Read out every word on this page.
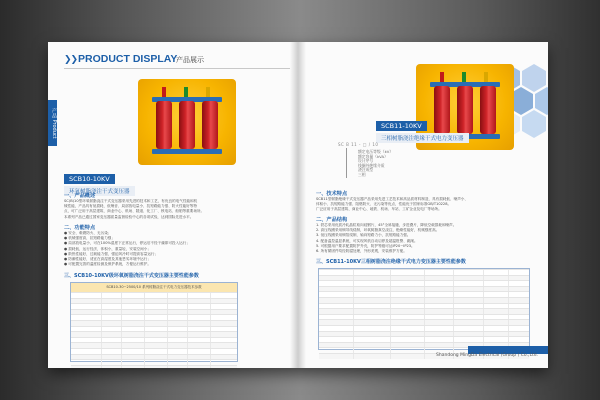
❯❯ PRODUCT DISPLAY
产品展示
产品 Product
SCB10-10KV
环氧树脂浇注干式变压器
一、产品概述
SC(B)10型环氧树脂浇注干式变压器采用先进的技术和工艺，有优良的电气性能和机
械性能，产品具有低损耗、低噪音、局部放电量小、抗短路能力强、防火性能好等特
点，可广泛用于高层建筑、商业中心、机场、隧道、化工厂、核电站、船舶等重要场所。
本系列产品已通过国家变压器质量监督检验中心的各项试验，达到国际先进水平。
二、功能特点
● 安全、难燃防火、无污染；
● 机械强度高，抗短路能力强；
● 局部放电量小，可在100%湿度下正常运行，停运后不经干燥即可投入运行；
● 损耗低，运行经济，体积小，重量轻，安装空间小；
● 散热性能好，过载能力强，强迫风冷时可提高容量运行；
● 防潮性能好，适宜在高湿度及其他恶劣环境中运行；
● 可配置完善的温度检测及保护系统，方便运行维护。
三、SCB10-10KV级环氧树脂浇注干式变压器主要性能参数
SCB10-30~2500/10 系列树脂浇注干式电力变压器技术参数
SCB11-10KV
三相树脂浇注绝缘干式电力变压器
SC B 11 - □ / 10
额定电压等级（kV）
额定容量（kVA）
设计序号
线圈外绝缘介质
浇注成型
三相
一、技术特点
SCB11型树脂绝缘干式变压器产品采用先进工艺技术和高品质材料制造，具有损耗低、噪声小、
体积小、抗短路能力强、阻燃防火、无污染等优点，性能优于国家标准GB/T10228。
广泛应用于高层建筑、商业中心、地铁、机场、车站、工矿企业及电厂等场所。
二、产品结构
1. 铁芯采用优质冷轧晶粒取向硅钢片，45°全斜接缝，步进叠片，降低空载损耗和噪声。
2. 高压线圈采用铜导线绕制，环氧树脂真空浇注，绝缘性能好，机械强度高。
3. 低压线圈采用铜箔绕制，轴向短路力小，抗短路能力强。
4. 配备温控温显系统，可实现风机自动启停及超温报警、跳闸。
5. 可根据用户要求配置防护外壳，防护等级可达IP20~IP23。
6. 所有紧固件均经防腐处理，外形美观，安装维护方便。
三、SCB11-10KV三相树脂浇注绝缘干式电力变压器主要性能参数
Shandong MingDa Electrical (Group ) Co.,Ltd.
